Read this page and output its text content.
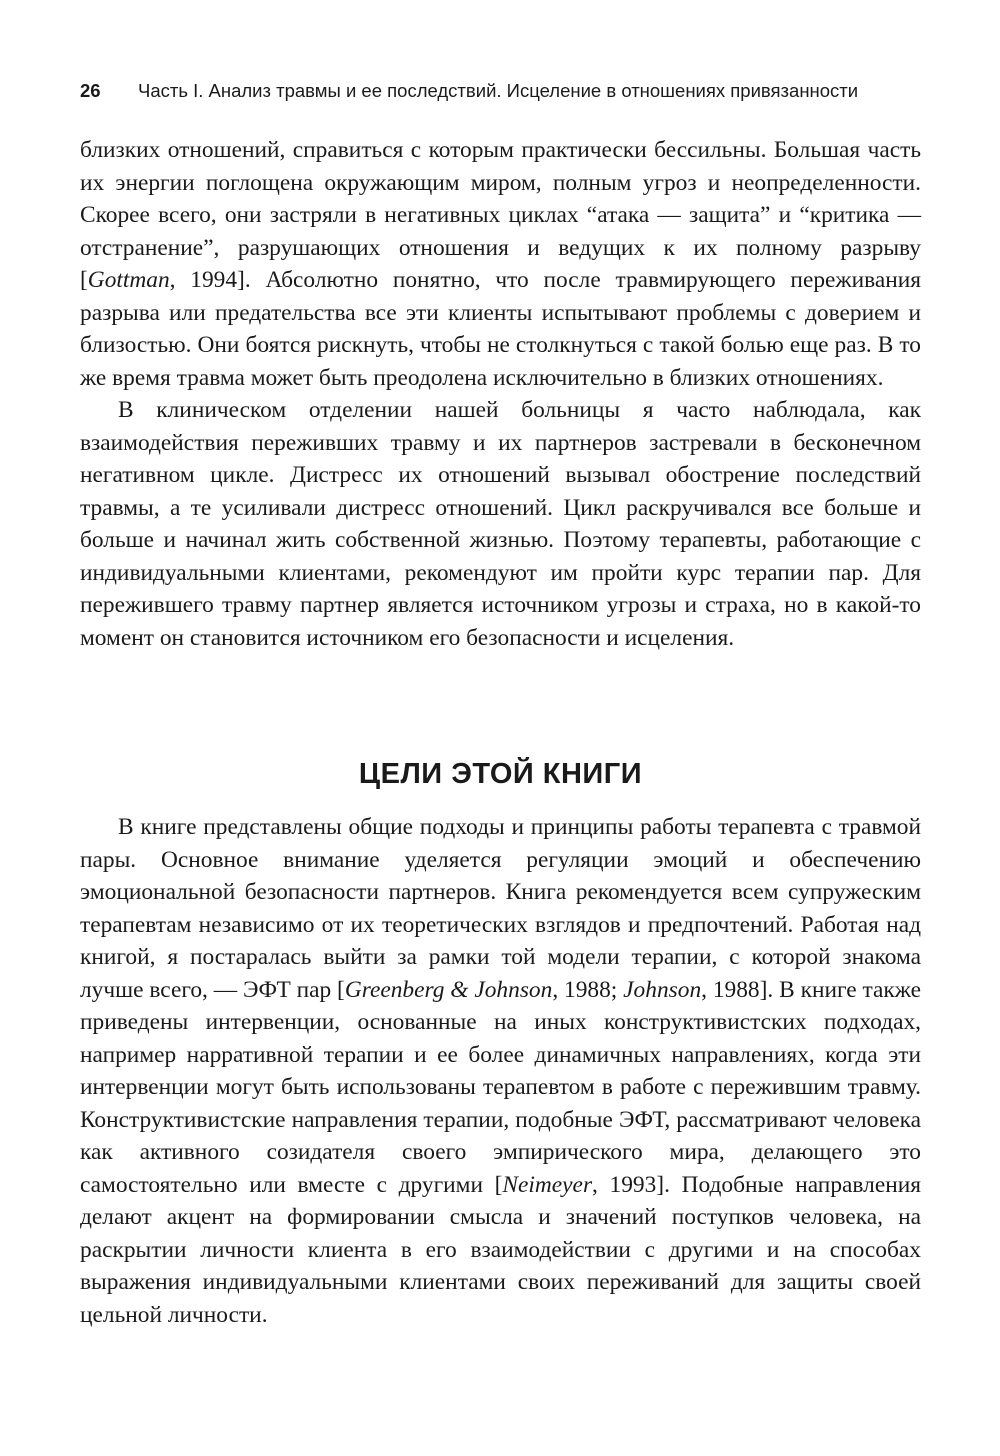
26 Часть I. Анализ травмы и ее последствий. Исцеление в отношениях привязанности

близких отношений, справиться с которым практически бессильны. Большая часть их энергии поглощена окружающим миром, полным угроз и неопределенности. Скорее всего, они застряли в негативных циклах “атака — защита” и “критика — отстранение”, разрушающих отношения и ведущих к их полному разрыву [Gottman, 1994]. Абсолютно понятно, что после травмирующего переживания разрыва или предательства все эти клиенты испытывают проблемы с доверием и близостью. Они боятся рискнуть, чтобы не столкнуться с такой болью еще раз. В то же время травма может быть преодолена исключительно в близких отношениях.

В клиническом отделении нашей больницы я часто наблюдала, как взаимодействия переживших травму и их партнеров застревали в бесконечном негативном цикле. Дистресс их отношений вызывал обострение последствий травмы, а те усиливали дистресс отношений. Цикл раскручивался все больше и больше и начинал жить собственной жизнью. Поэтому терапевты, работающие с индивидуальными клиентами, рекомендуют им пройти курс терапии пар. Для пережившего травму партнер является источником угрозы и страха, но в какой-то момент он становится источником его безопасности и исцеления.

ЦЕЛИ ЭТОЙ КНИГИ

В книге представлены общие подходы и принципы работы терапевта с травмой пары. Основное внимание уделяется регуляции эмоций и обеспечению эмоциональной безопасности партнеров. Книга рекомендуется всем супружеским терапевтам независимо от их теоретических взглядов и предпочтений. Работая над книгой, я постаралась выйти за рамки той модели терапии, с которой знакома лучше всего, — ЭФТ пар [Greenberg & Johnson, 1988; Johnson, 1988]. В книге также приведены интервенции, основанные на иных конструктивистских подходах, например нарративной терапии и ее более динамичных направлениях, когда эти интервенции могут быть использованы терапевтом в работе с пережившим травму. Конструктивистские направления терапии, подобные ЭФТ, рассматривают человека как активного созидателя своего эмпирического мира, делающего это самостоятельно или вместе с другими [Neimeyer, 1993]. Подобные направления делают акцент на формировании смысла и значений поступков человека, на раскрытии личности клиента в его взаимодействии с другими и на способах выражения индивидуальными клиентами своих переживаний для защиты своей цельной личности.
